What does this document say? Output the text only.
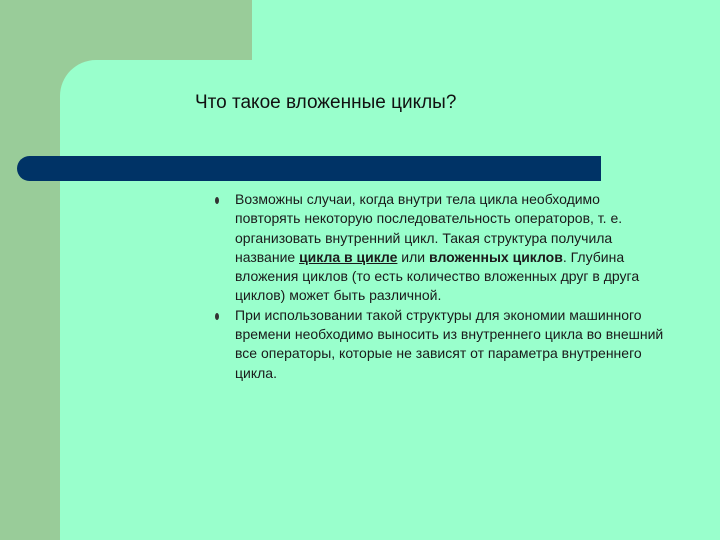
Что такое вложенные циклы?
Возможны случаи, когда внутри тела цикла необходимо повторять некоторую последовательность операторов, т. е. организовать внутренний цикл. Такая структура получила название цикла в цикле или вложенных циклов. Глубина вложения циклов (то есть количество вложенных друг в друга циклов) может быть различной.
При использовании такой структуры для экономии машинного времени необходимо выносить из внутреннего цикла во внешний все операторы, которые не зависят от параметра внутреннего цикла.
